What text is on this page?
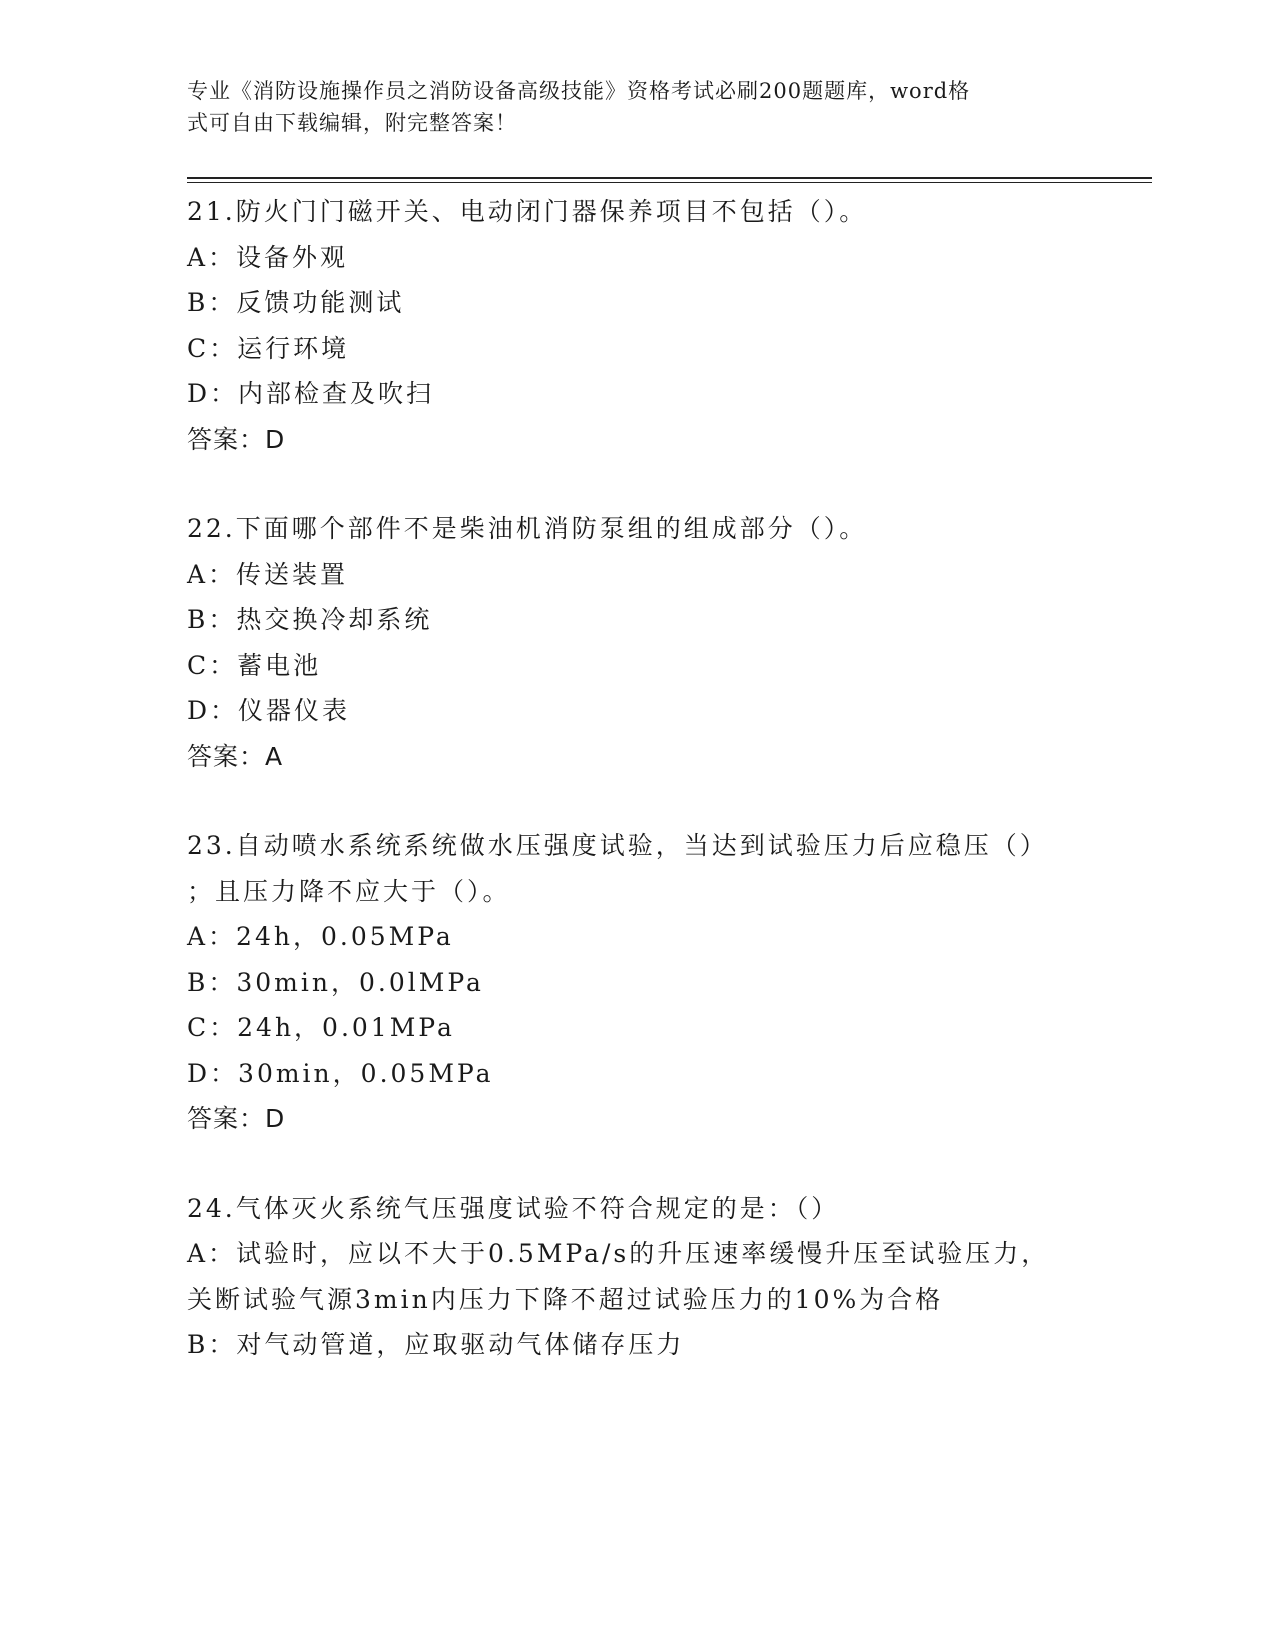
专业《消防设施操作员之消防设备高级技能》资格考试必刷200题题库，word格
式可自由下载编辑，附完整答案！
21.防火门门磁开关、电动闭门器保养项目不包括（）。
A：设备外观
B：反馈功能测试
C：运行环境
D：内部检查及吹扫
答案：D
22.下面哪个部件不是柴油机消防泵组的组成部分（）。
A：传送装置
B：热交换冷却系统
C：蓄电池
D：仪器仪表
答案：A
23.自动喷水系统系统做水压强度试验，当达到试验压力后应稳压（）
；且压力降不应大于（）。
A：24h，0.05MPa
B：30min，0.0lMPa
C：24h，0.01MPa
D：30min，0.05MPa
答案：D
24.气体灭火系统气压强度试验不符合规定的是：（）
A：试验时，应以不大于0.5MPa/s的升压速率缓慢升压至试验压力，
关断试验气源3min内压力下降不超过试验压力的10%为合格
B：对气动管道，应取驱动气体储存压力
